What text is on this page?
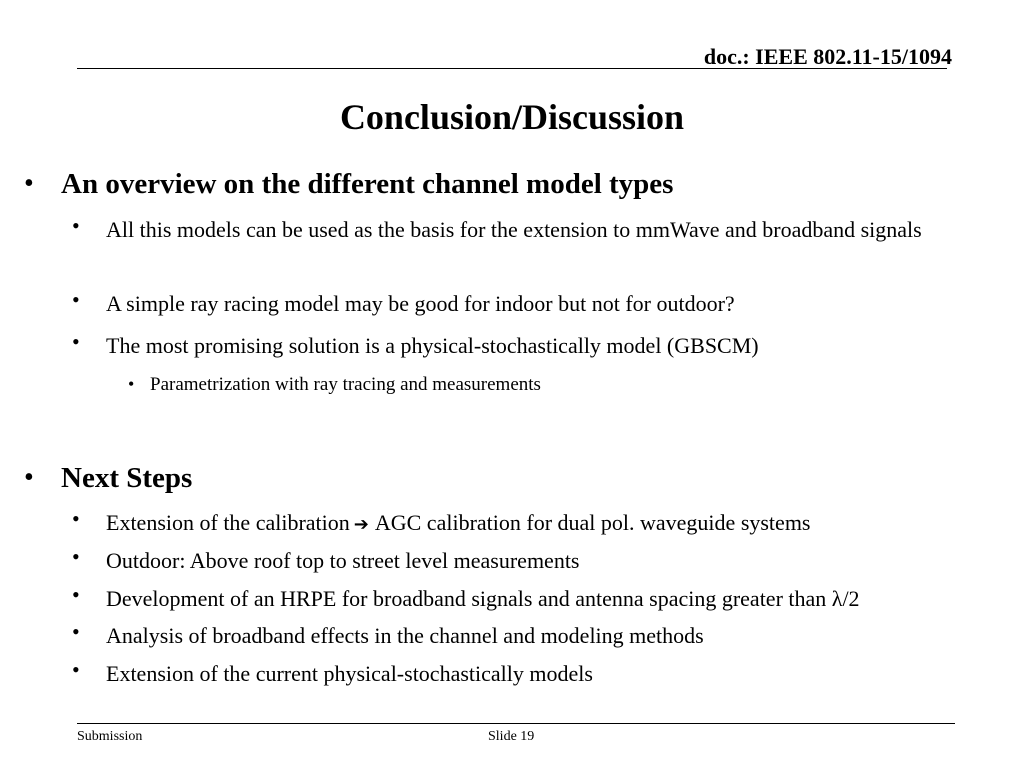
doc.: IEEE 802.11-15/1094
Conclusion/Discussion
• An overview on the different channel model types
• All this models can be used as the basis for the extension to mmWave and broadband signals
• A simple ray racing model may be good for indoor but not for outdoor?
• The most promising solution is a physical-stochastically model (GBSCM)
• Parametrization with ray tracing and measurements
• Next Steps
• Extension of the calibration ➔ AGC calibration for dual pol. waveguide systems
• Outdoor: Above roof top to street level measurements
• Development of an HRPE for broadband signals and antenna spacing greater than λ/2
• Analysis of broadband effects in the channel and modeling methods
• Extension of the current physical-stochastically models
Submission	Slide 19
